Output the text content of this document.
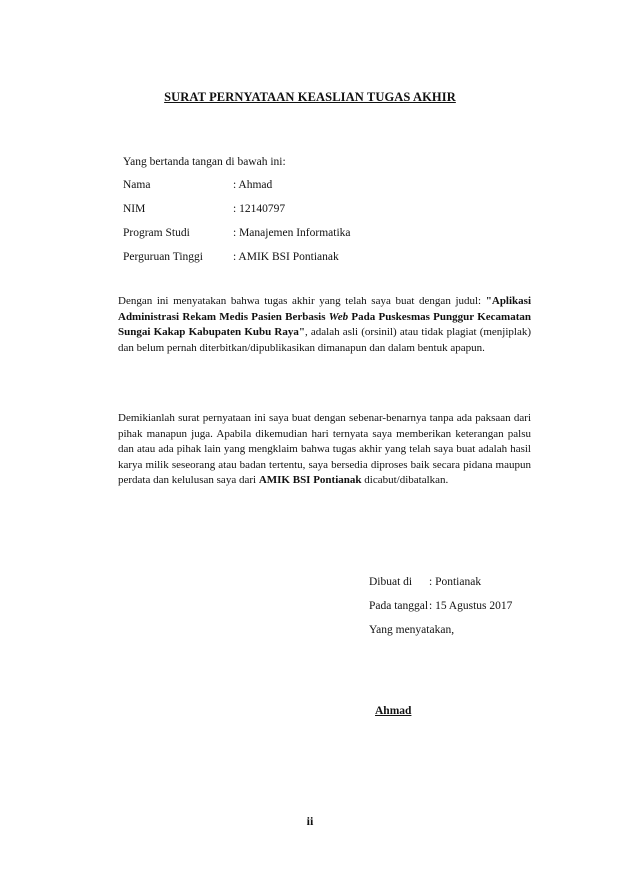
SURAT PERNYATAAN KEASLIAN TUGAS AKHIR
Yang bertanda tangan di bawah ini:
Nama	: Ahmad
NIM	: 12140797
Program Studi	: Manajemen Informatika
Perguruan Tinggi	: AMIK BSI Pontianak
Dengan ini menyatakan bahwa tugas akhir yang telah saya buat dengan judul: "Aplikasi Administrasi Rekam Medis Pasien Berbasis Web Pada Puskesmas Punggur Kecamatan Sungai Kakap Kabupaten Kubu Raya", adalah asli (orsinil) atau tidak plagiat (menjiplak) dan belum pernah diterbitkan/dipublikasikan dimanapun dan dalam bentuk apapun.
Demikianlah surat pernyataan ini saya buat dengan sebenar-benarnya tanpa ada paksaan dari pihak manapun juga. Apabila dikemudian hari ternyata saya memberikan keterangan palsu dan atau ada pihak lain yang mengklaim bahwa tugas akhir yang telah saya buat adalah hasil karya milik seseorang atau badan tertentu, saya bersedia diproses baik secara pidana maupun perdata dan kelulusan saya dari AMIK BSI Pontianak dicabut/dibatalkan.
Dibuat di	: Pontianak
Pada tanggal : 15 Agustus 2017
Yang menyatakan,
Ahmad
ii
